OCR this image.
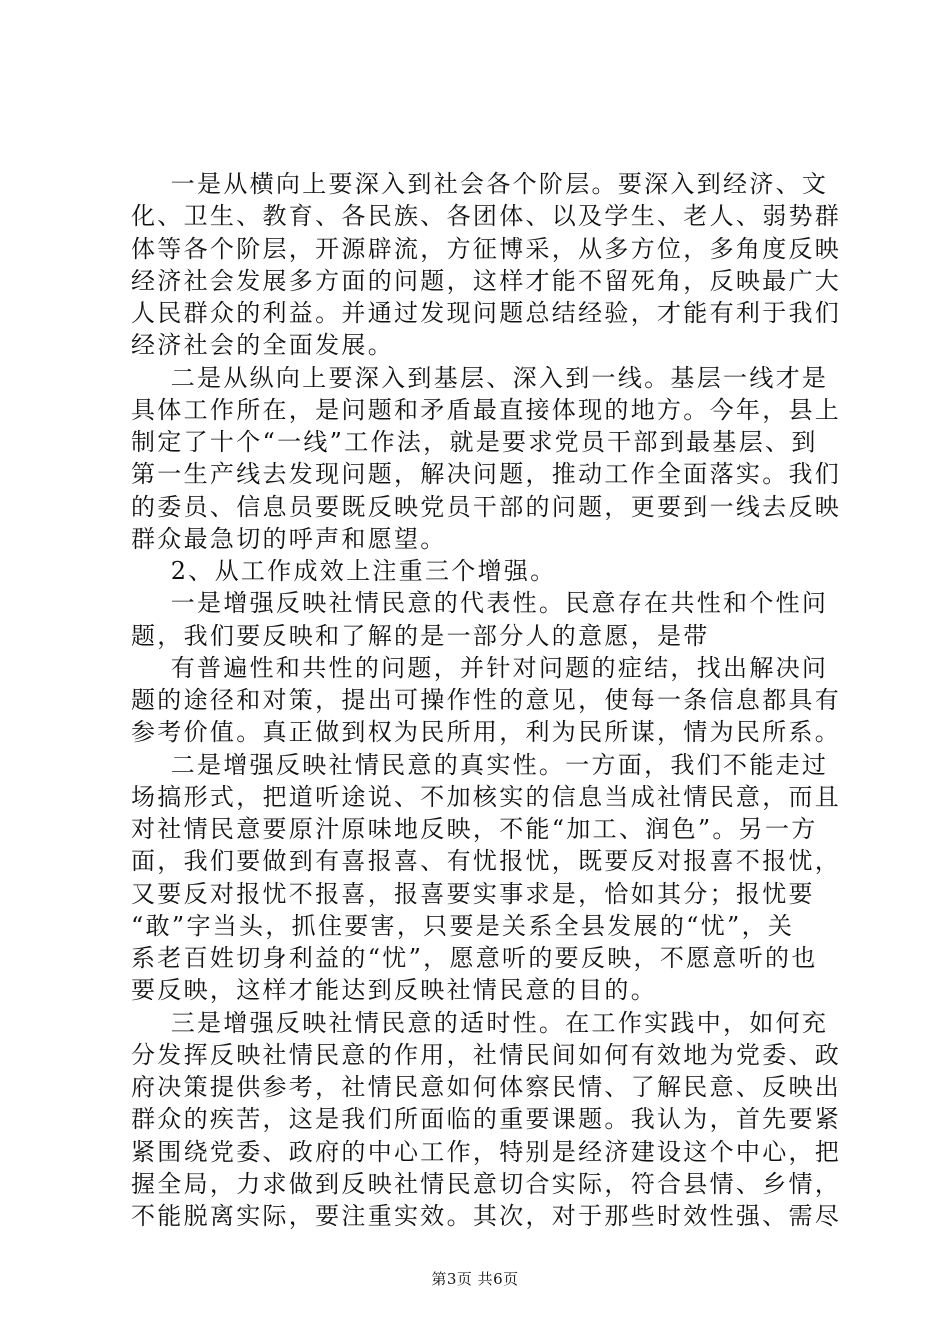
一是从横向上要深入到社会各个阶层。要深入到经济、文
化、卫生、教育、各民族、各团体、以及学生、老人、弱势群
体等各个阶层，开源辟流，方征博采，从多方位，多角度反映
经济社会发展多方面的问题，这样才能不留死角，反映最广大
人民群众的利益。并通过发现问题总结经验，才能有利于我们
经济社会的全面发展。
二是从纵向上要深入到基层、深入到一线。基层一线才是
具体工作所在，是问题和矛盾最直接体现的地方。今年，县上
制定了十个“一线”工作法，就是要求党员干部到最基层、到
第一生产线去发现问题，解决问题，推动工作全面落实。我们
的委员、信息员要既反映党员干部的问题，更要到一线去反映
群众最急切的呼声和愿望。
2、从工作成效上注重三个增强。
一是增强反映社情民意的代表性。民意存在共性和个性问
题，我们要反映和了解的是一部分人的意愿，是带
有普遍性和共性的问题，并针对问题的症结，找出解决问
题的途径和对策，提出可操作性的意见，使每一条信息都具有
参考价值。真正做到权为民所用，利为民所谋，情为民所系。
二是增强反映社情民意的真实性。一方面，我们不能走过
场搞形式，把道听途说、不加核实的信息当成社情民意，而且
对社情民意要原汁原味地反映，不能“加工、润色”。另一方
面，我们要做到有喜报喜、有忧报忧，既要反对报喜不报忧，
又要反对报忧不报喜，报喜要实事求是，恰如其分；报忧要
“敢”字当头，抓住要害，只要是关系全县发展的“忧”，关
系老百姓切身利益的“忧”，愿意听的要反映，不愿意听的也
要反映，这样才能达到反映社情民意的目的。
三是增强反映社情民意的适时性。在工作实践中，如何充
分发挥反映社情民意的作用，社情民间如何有效地为党委、政
府决策提供参考，社情民意如何体察民情、了解民意、反映出
群众的疾苦，这是我们所面临的重要课题。我认为，首先要紧
紧围绕党委、政府的中心工作，特别是经济建设这个中心，把
握全局，力求做到反映社情民意切合实际，符合县情、乡情，
不能脱离实际，要注重实效。其次，对于那些时效性强、需尽
第3页 共6页
